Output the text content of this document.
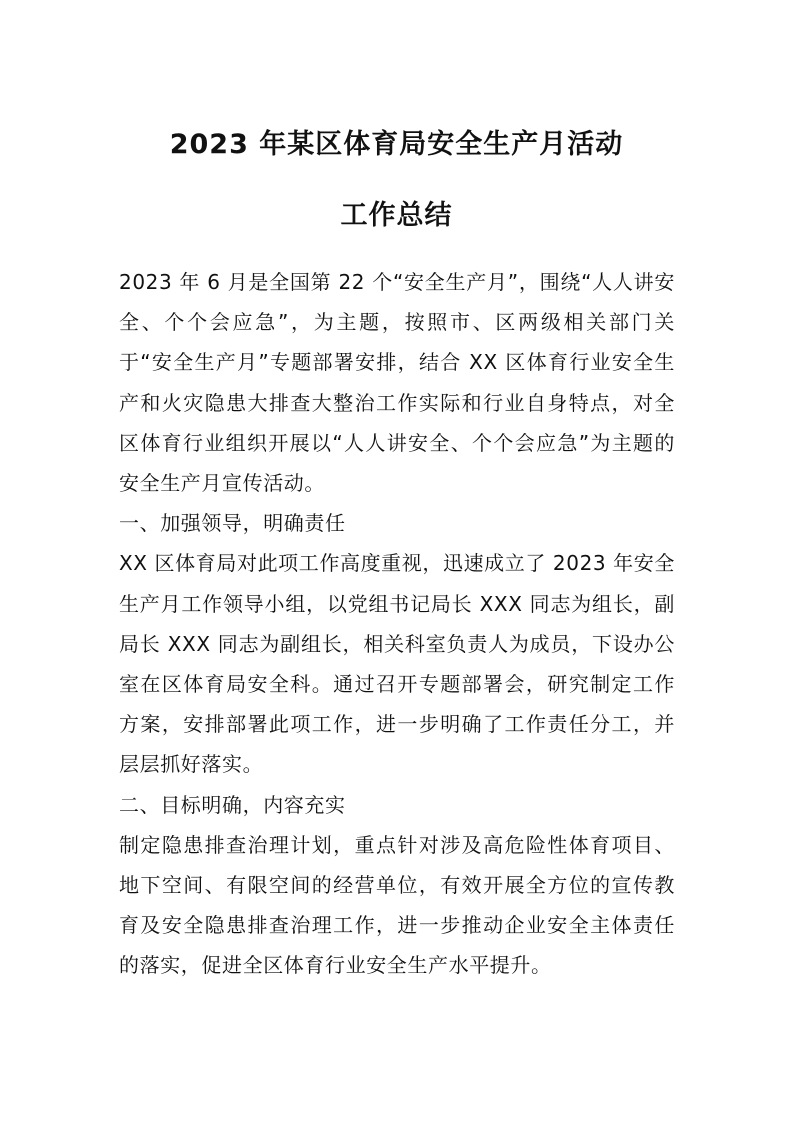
2023 年某区体育局安全生产月活动
工作总结

2023 年 6 月是全国第 22 个“安全生产月”，围绕“人人讲安全、个个会应急”，为主题，按照市、区两级相关部门关于“安全生产月”专题部署安排，结合 XX 区体育行业安全生产和火灾隐患大排查大整治工作实际和行业自身特点，对全区体育行业组织开展以“人人讲安全、个个会应急”为主题的安全生产月宣传活动。

一、加强领导，明确责任

XX 区体育局对此项工作高度重视，迅速成立了 2023 年安全生产月工作领导小组，以党组书记局长 XXX 同志为组长，副局长 XXX 同志为副组长，相关科室负责人为成员，下设办公室在区体育局安全科。通过召开专题部署会，研究制定工作方案，安排部署此项工作，进一步明确了工作责任分工，并层层抓好落实。

二、目标明确，内容充实

制定隐患排查治理计划，重点针对涉及高危险性体育项目、地下空间、有限空间的经营单位，有效开展全方位的宣传教育及安全隐患排查治理工作，进一步推动企业安全主体责任的落实，促进全区体育行业安全生产水平提升。
